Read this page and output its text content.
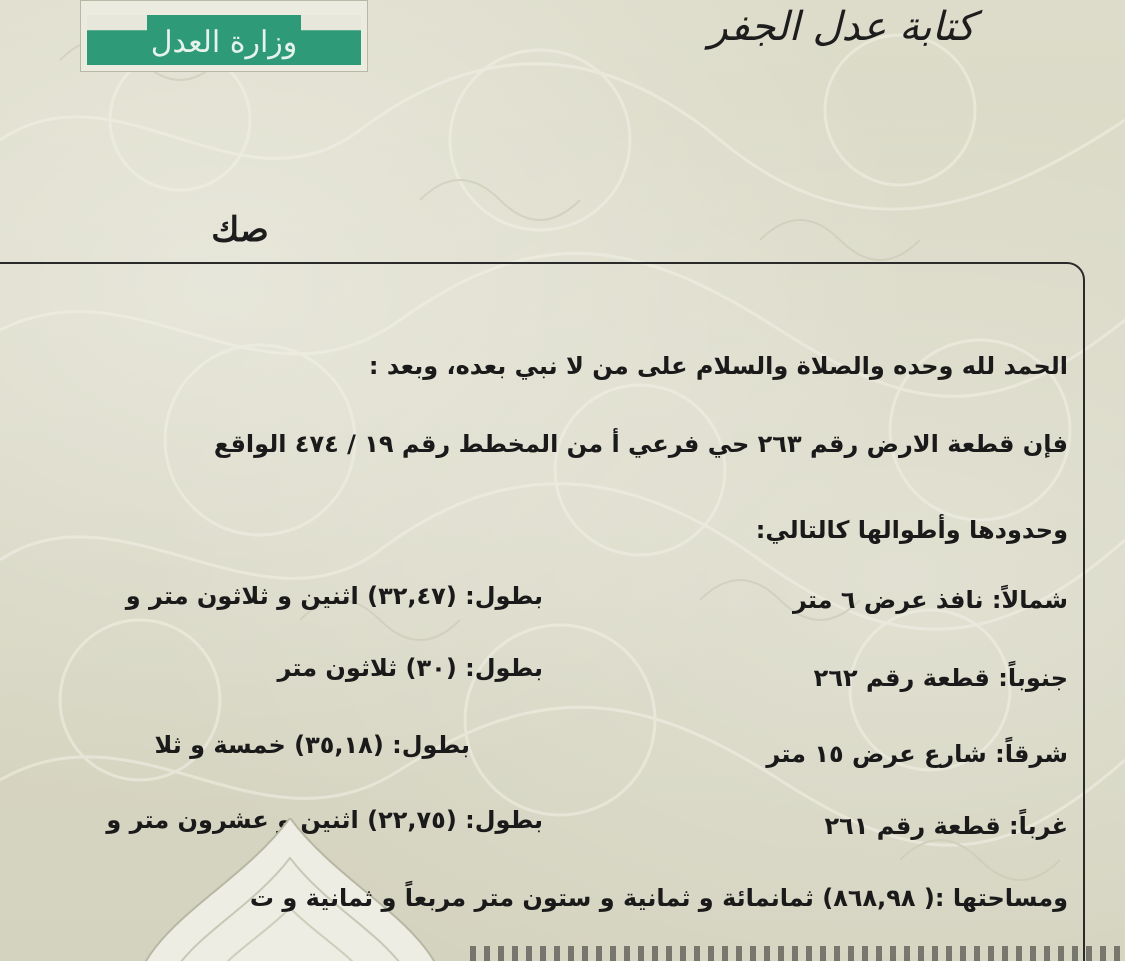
وزارة العدل	كتابة عدل الجفر
صك
الحمد لله وحده والصلاة والسلام على من لا نبي بعده، وبعد :
فإن قطعة الارض رقم ٢٦٣ حي فرعي أ من المخطط رقم ١٩ / ٤٧٤ الواقع
وحدودها وأطوالها كالتالي:
شمالاً: نافذ عرض ٦ متر
بطول: (٣٢,٤٧) اثنين و ثلاثون متر و
جنوباً: قطعة رقم ٢٦٢
بطول: (٣٠) ثلاثون متر
شرقاً: شارع عرض ١٥ متر
بطول: (٣٥,١٨) خمسة و ثلا
غرباً: قطعة رقم ٢٦١
بطول: (٢٢,٧٥) اثنين و عشرون متر و
ومساحتها :( ٨٦٨,٩٨) ثمانمائة و ثمانية و ستون متر مربعاً و ثمانية و ت
